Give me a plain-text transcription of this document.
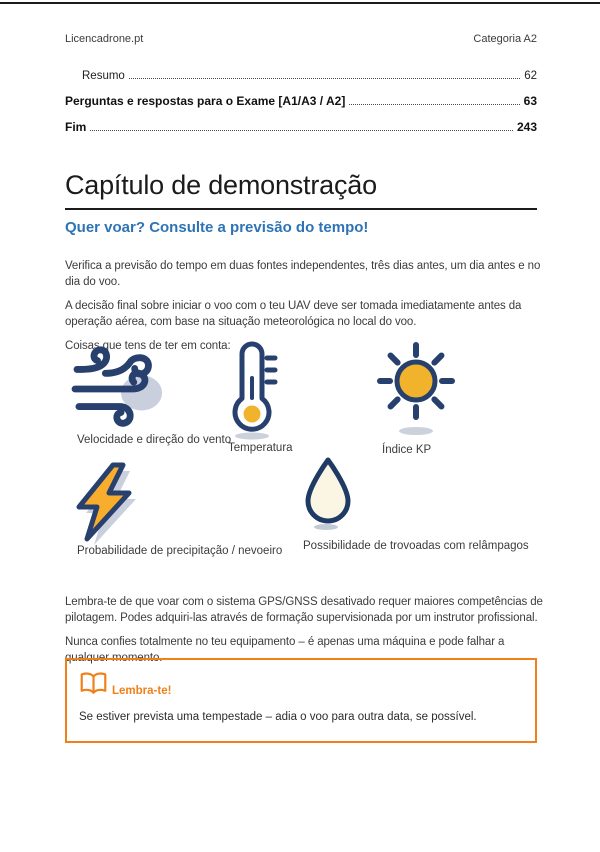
Licencadrone.pt	Categoria A2
Resumo	62
Perguntas e respostas para o Exame [A1/A3 / A2]	63
Fim	243
Capítulo de demonstração
Quer voar? Consulte a previsão do tempo!

Verifica a previsão do tempo em duas fontes independentes, três dias antes, um dia antes e no dia do voo.

A decisão final sobre iniciar o voo com o teu UAV deve ser tomada imediatamente antes da operação aérea, com base na situação meteorológica no local do voo.

Coisas que tens de ter em conta:

Velocidade e direção do vento
Temperatura	Índice KP
Probabilidade de precipitação / nevoeiro	Possibilidade de trovoadas com relâmpagos

Lembra-te de que voar com o sistema GPS/GNSS desativado requer maiores competências de pilotagem. Podes adquiri-las através de formação supervisionada por um instrutor profissional.

Nunca confies totalmente no teu equipamento – é apenas uma máquina e pode falhar a qualquer momento.

Lembra-te!
Se estiver prevista uma tempestade – adia o voo para outra data, se possível.
